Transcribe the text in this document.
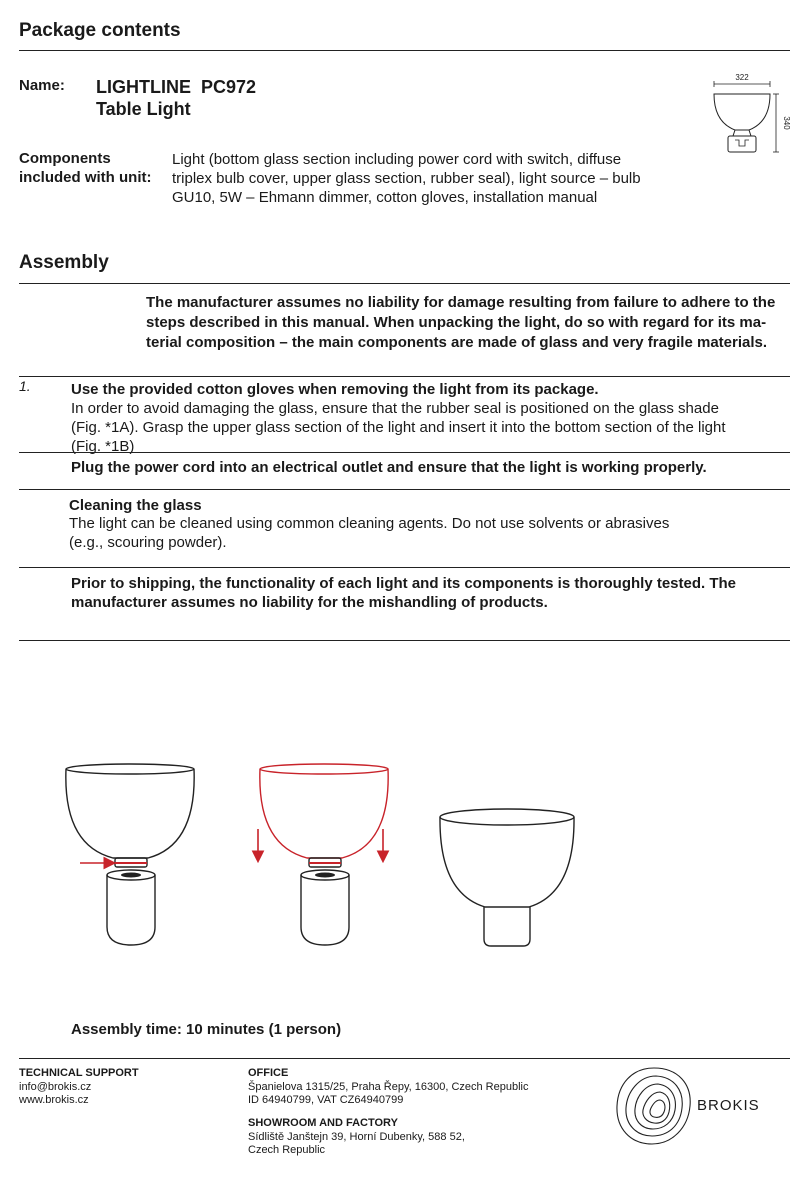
Package contents
Name: LIGHTLINE  PC972
Table Light
322
340
Components
included with unit:
Light (bottom glass section including power cord with switch, diffuse
triplex bulb cover, upper glass section, rubber seal), light source – bulb
GU10, 5W – Ehmann dimmer, cotton gloves, installation manual
Assembly
The manufacturer assumes no liability for damage resulting from failure to adhere to the
steps described in this manual. When unpacking the light, do so with regard for its ma-
terial composition – the main components are made of glass and very fragile materials.
1.	Use the provided cotton gloves when removing the light from its package.
In order to avoid damaging the glass, ensure that the rubber seal is positioned on the glass shade
(Fig. *1A). Grasp the upper glass section of the light and insert it into the bottom section of the light
(Fig. *1B)
Plug the power cord into an electrical outlet and ensure that the light is working properly.
Cleaning the glass
The light can be cleaned using common cleaning agents. Do not use solvents or abrasives
(e.g., scouring powder).
Prior to shipping, the functionality of each light and its components is thoroughly tested. The
manufacturer assumes no liability for the mishandling of products.
Assembly time: 10 minutes (1 person)
TECHNICAL SUPPORT
info@brokis.cz
www.brokis.cz
OFFICE
Španielova 1315/25, Praha Řepy, 16300, Czech Republic
ID 64940799, VAT CZ64940799
SHOWROOM AND FACTORY
Sídliště Janštejn 39, Horní Dubenky, 588 52,
Czech Republic
BROKIS
